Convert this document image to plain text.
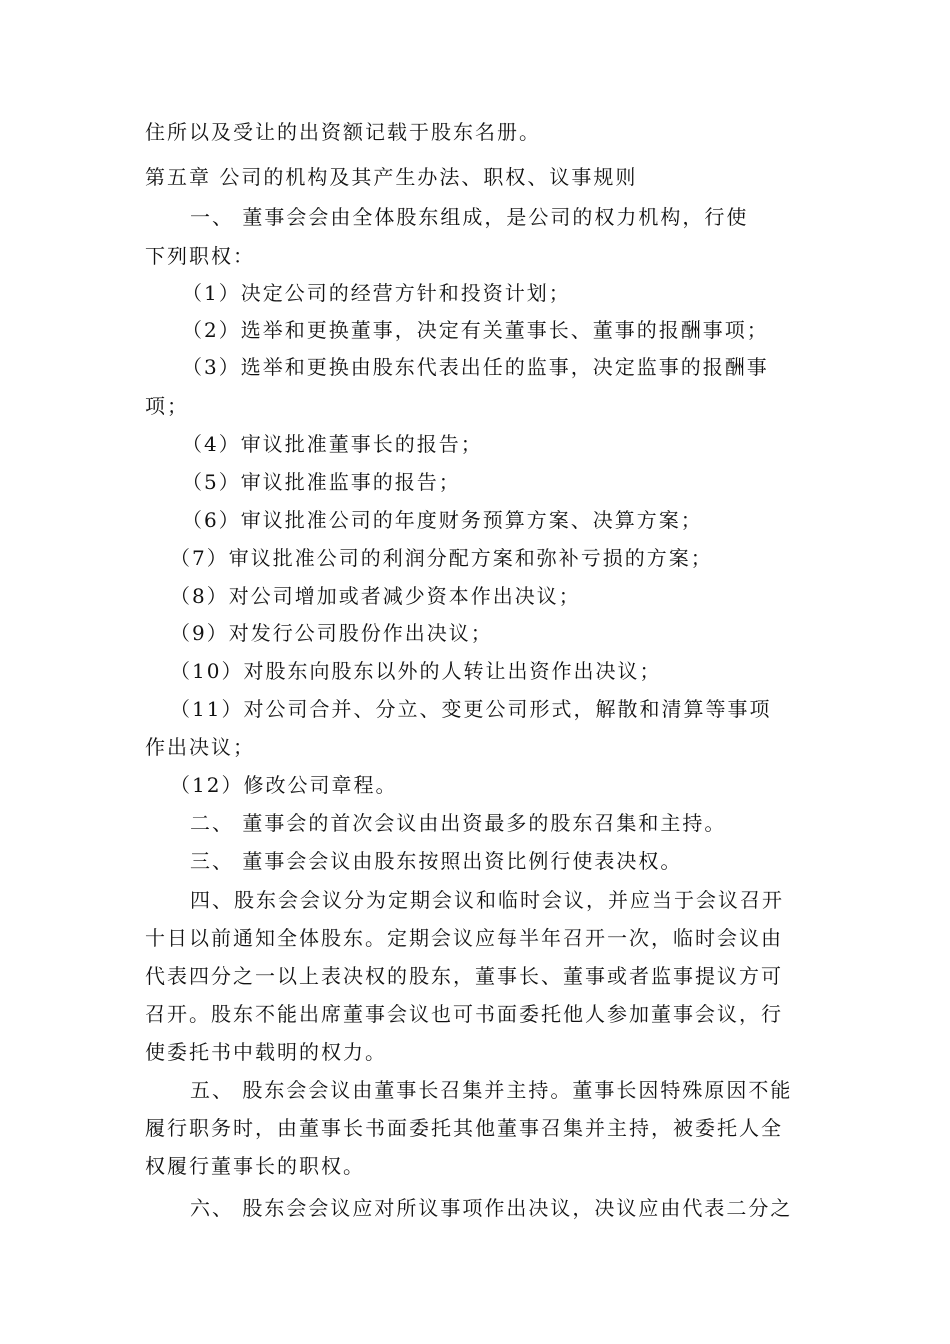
住所以及受让的出资额记载于股东名册。
第五章 公司的机构及其产生办法、职权、议事规则
一、 董事会会由全体股东组成，是公司的权力机构，行使
下列职权：
（1）决定公司的经营方针和投资计划；
（2）选举和更换董事，决定有关董事长、董事的报酬事项；
（3）选举和更换由股东代表出任的监事，决定监事的报酬事
项；
（4）审议批准董事长的报告；
（5）审议批准监事的报告；
（6）审议批准公司的年度财务预算方案、决算方案；
（7）审议批准公司的利润分配方案和弥补亏损的方案；
（8）对公司增加或者减少资本作出决议；
（9）对发行公司股份作出决议；
（10）对股东向股东以外的人转让出资作出决议；
（11）对公司合并、分立、变更公司形式，解散和清算等事项
作出决议；
（12）修改公司章程。
二、 董事会的首次会议由出资最多的股东召集和主持。
三、 董事会会议由股东按照出资比例行使表决权。
四、股东会会议分为定期会议和临时会议，并应当于会议召开
十日以前通知全体股东。定期会议应每半年召开一次，临时会议由
代表四分之一以上表决权的股东，董事长、董事或者监事提议方可
召开。股东不能出席董事会议也可书面委托他人参加董事会议，行
使委托书中载明的权力。
五、 股东会会议由董事长召集并主持。董事长因特殊原因不能
履行职务时，由董事长书面委托其他董事召集并主持，被委托人全
权履行董事长的职权。
六、 股东会会议应对所议事项作出决议，决议应由代表二分之
